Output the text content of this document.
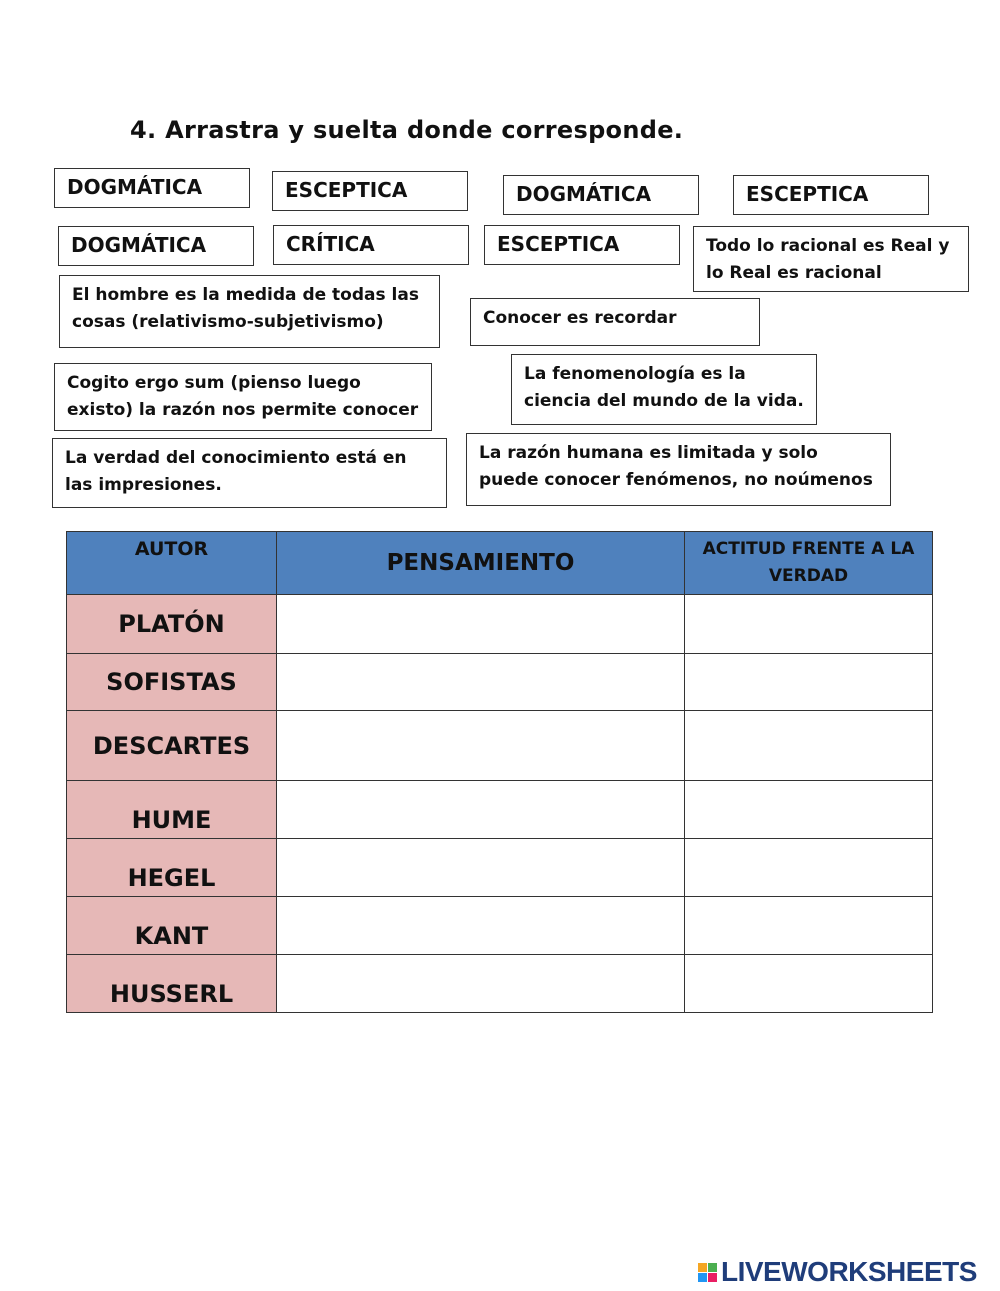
4. Arrastra y suelta donde corresponde.
DOGMÁTICA	ESCEPTICA	DOGMÁTICA	ESCEPTICA
DOGMÁTICA	CRÍTICA	ESCEPTICA	Todo lo racional es Real y lo Real es racional
El hombre es la medida de todas las cosas (relativismo-subjetivismo)	Conocer es recordar
Cogito ergo sum (pienso luego existo) la razón nos permite conocer
La fenomenología es la ciencia del mundo de la vida.
La verdad del conocimiento está en las impresiones.
La razón humana es limitada y solo puede conocer fenómenos, no noúmenos
AUTOR	PENSAMIENTO	ACTITUD FRENTE A LA VERDAD
PLATÓN		
SOFISTAS		
DESCARTES		
HUME		
HEGEL		
KANT		
HUSSERL		
LIVEWORKSHEETS
